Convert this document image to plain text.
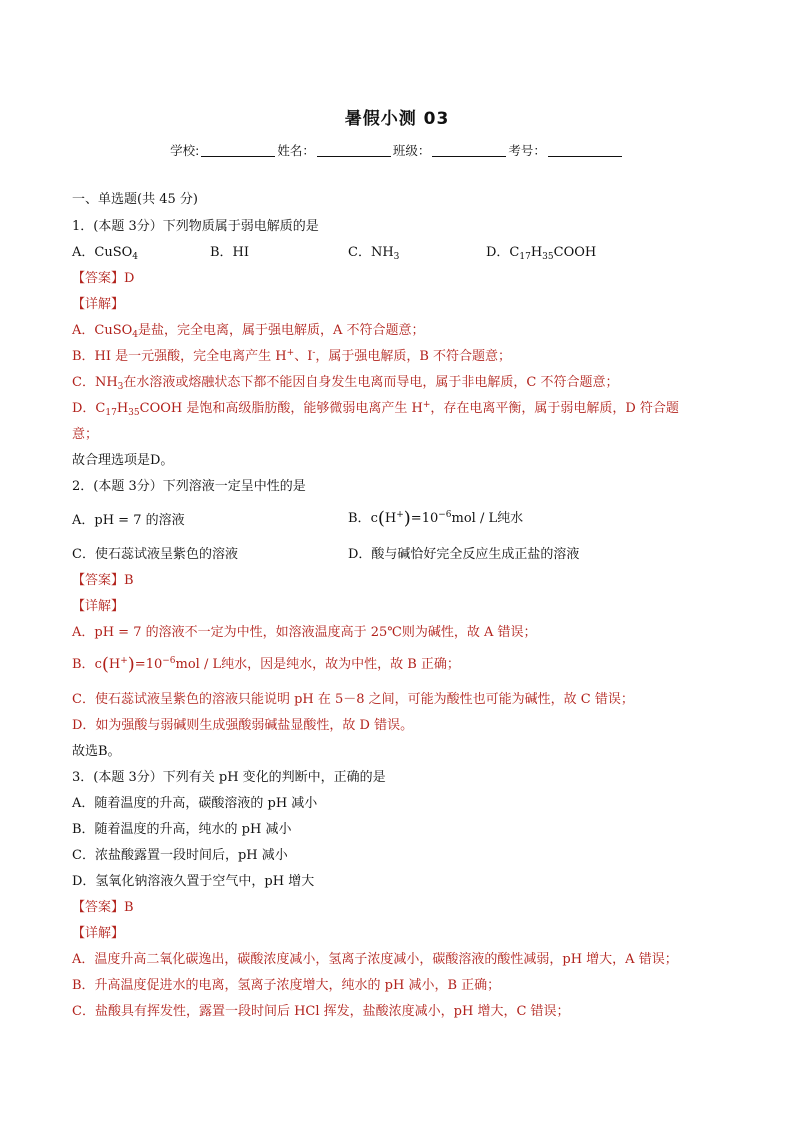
暑假小测 03
学校:	姓名：	班级：	考号：
一、单选题(共 45 分)
1．(本题 3分）下列物质属于弱电解质的是
A．CuSO$_4$	B．HI	C．$NH_3$	D．$C_{17}H_{35}COOH$
【答案】D
【详解】
A．CuSO$_4$是盐，完全电离，属于强电解质，A 不符合题意；
B．HI 是一元强酸，完全电离产生 H+、I-，属于强电解质，B 不符合题意；
C．$NH_3$在水溶液或熔融状态下都不能因自身发生电离而导电，属于非电解质，C 不符合题意；
D．$C_{17}H_{35}COOH$ 是饱和高级脂肪酸，能够微弱电离产生 H+，存在电离平衡，属于弱电解质，D 符合题
意；
故合理选项是D。
2．(本题 3分）下列溶液一定呈中性的是
A．pH = 7 的溶液	B．$c(H^+)=10^{-6}mol / L$纯水
C．使石蕊试液呈紫色的溶液	D．酸与碱恰好完全反应生成正盐的溶液
【答案】B
【详解】
A．pH = 7 的溶液不一定为中性，如溶液温度高于 25℃则为碱性，故 A 错误；
B．$c(H^+)=10^{-6}mol / L$纯水，因是纯水，故为中性，故 B 正确；
C．使石蕊试液呈紫色的溶液只能说明 pH 在 5－8 之间，可能为酸性也可能为碱性，故 C 错误；
D．如为强酸与弱碱则生成强酸弱碱盐显酸性，故 D 错误。
故选B。
3．(本题 3分）下列有关 pH 变化的判断中，正确的是
A．随着温度的升高，碳酸溶液的 pH 减小
B．随着温度的升高，纯水的 pH 减小
C．浓盐酸露置一段时间后，pH 减小
D．氢氧化钠溶液久置于空气中，pH 增大
【答案】B
【详解】
A．温度升高二氧化碳逸出，碳酸浓度减小，氢离子浓度减小，碳酸溶液的酸性减弱，pH 增大，A 错误；
B．升高温度促进水的电离，氢离子浓度增大，纯水的 pH 减小，B 正确；
C．盐酸具有挥发性，露置一段时间后 HCl 挥发，盐酸浓度减小，pH 增大，C 错误；
